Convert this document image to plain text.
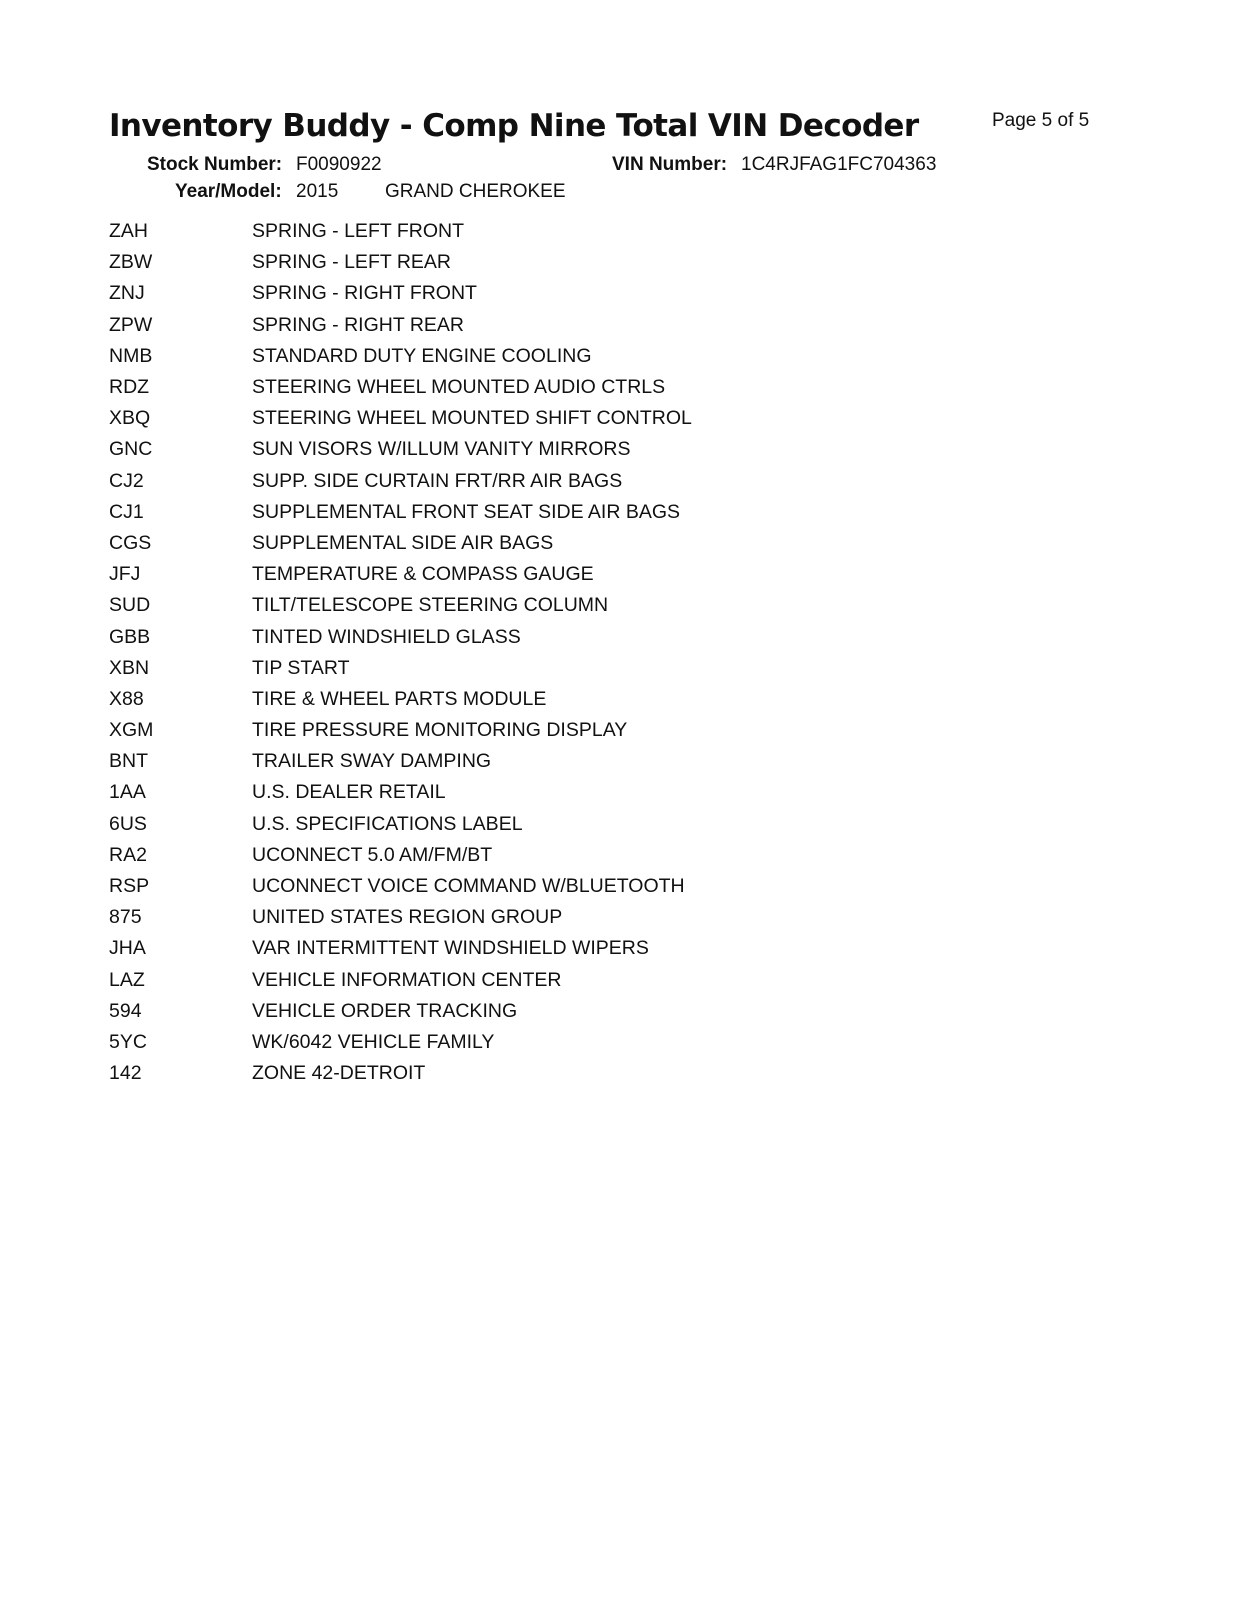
Inventory Buddy - Comp Nine Total VIN Decoder	Page 5 of 5
Stock Number: F0090922	VIN Number: 1C4RJFAG1FC704363
Year/Model: 2015 GRAND CHEROKEE
ZAH	SPRING - LEFT FRONT
ZBW	SPRING - LEFT REAR
ZNJ	SPRING - RIGHT FRONT
ZPW	SPRING - RIGHT REAR
NMB	STANDARD DUTY ENGINE COOLING
RDZ	STEERING WHEEL MOUNTED AUDIO CTRLS
XBQ	STEERING WHEEL MOUNTED SHIFT CONTROL
GNC	SUN VISORS W/ILLUM VANITY MIRRORS
CJ2	SUPP. SIDE CURTAIN FRT/RR AIR BAGS
CJ1	SUPPLEMENTAL FRONT SEAT SIDE AIR BAGS
CGS	SUPPLEMENTAL SIDE AIR BAGS
JFJ	TEMPERATURE & COMPASS GAUGE
SUD	TILT/TELESCOPE STEERING COLUMN
GBB	TINTED WINDSHIELD GLASS
XBN	TIP START
X88	TIRE & WHEEL PARTS MODULE
XGM	TIRE PRESSURE MONITORING DISPLAY
BNT	TRAILER SWAY DAMPING
1AA	U.S. DEALER RETAIL
6US	U.S. SPECIFICATIONS LABEL
RA2	UCONNECT 5.0 AM/FM/BT
RSP	UCONNECT VOICE COMMAND W/BLUETOOTH
875	UNITED STATES REGION GROUP
JHA	VAR INTERMITTENT WINDSHIELD WIPERS
LAZ	VEHICLE INFORMATION CENTER
594	VEHICLE ORDER TRACKING
5YC	WK/6042 VEHICLE FAMILY
142	ZONE 42-DETROIT
